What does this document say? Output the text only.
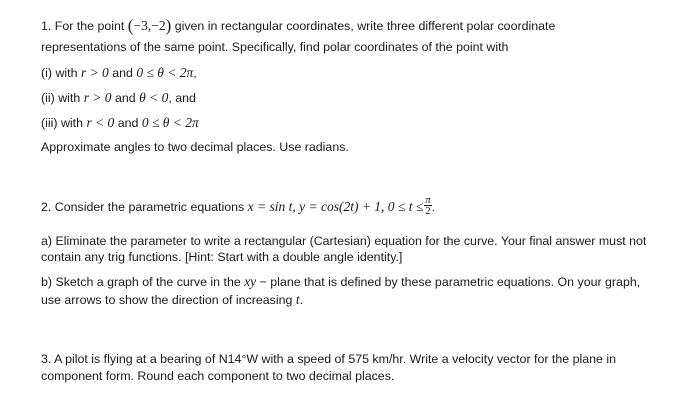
1. For the point (−3,−2) given in rectangular coordinates, write three different polar coordinate
representations of the same point. Specifically, find polar coordinates of the point with
(i) with r > 0 and 0 ≤ θ < 2π,
(ii) with r > 0 and θ < 0, and
(iii) with r < 0 and 0 ≤ θ < 2π
Approximate angles to two decimal places. Use radians.
2. Consider the parametric equations x = sin t, y = cos(2t) + 1, $0 \le t \le \frac{\pi}{2}$ .
a) Eliminate the parameter to write a rectangular (Cartesian) equation for the curve. Your final answer must not contain any trig functions. [Hint: Start with a double angle identity.]
b) Sketch a graph of the curve in the xy − plane that is defined by these parametric equations. On your graph,
use arrows to show the direction of increasing t.
3. A pilot is flying at a bearing of N14°W with a speed of 575 km/hr. Write a velocity vector for the plane in
component form. Round each component to two decimal places.
